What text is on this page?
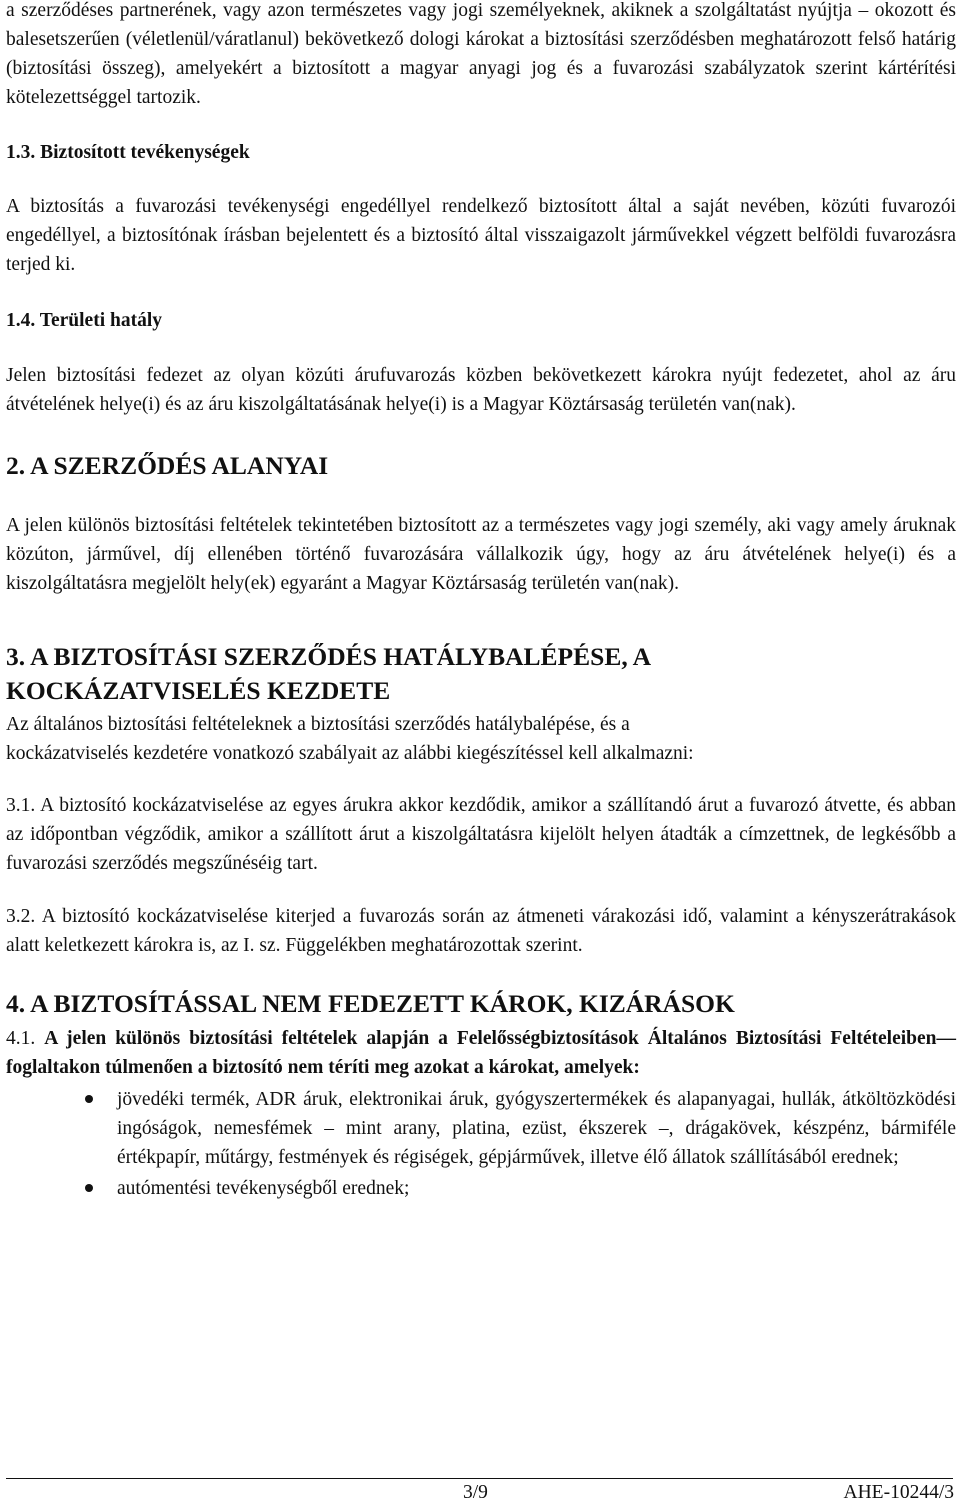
a szerződéses partnerének, vagy azon természetes vagy jogi személyeknek, akiknek a szolgáltatást nyújtja – okozott és balesetszerűen (véletlenül/váratlanul) bekövetkező dologi károkat a biztosítási szerződésben meghatározott felső határig (biztosítási összeg), amelyekért a biztosított a magyar anyagi jog és a fuvarozási szabályzatok szerint kártérítési kötelezettséggel tartozik.

1.3. Biztosított tevékenységek

A biztosítás a fuvarozási tevékenységi engedéllyel rendelkező biztosított által a saját nevében, közúti fuvarozói engedéllyel, a biztosítónak írásban bejelentett és a biztosító által visszaigazolt járművekkel végzett belföldi fuvarozásra terjed ki.

1.4. Területi hatály

Jelen biztosítási fedezet az olyan közúti árufuvarozás közben bekövetkezett károkra nyújt fedezetet, ahol az áru átvételének helye(i) és az áru kiszolgáltatásának helye(i) is a Magyar Köztársaság területén van(nak).

2. A SZERZŐDÉS ALANYAI

A jelen különös biztosítási feltételek tekintetében biztosított az a természetes vagy jogi személy, aki vagy amely áruknak közúton, járművel, díj ellenében történő fuvarozására vállalkozik úgy, hogy az áru átvételének helye(i) és a kiszolgáltatásra megjelölt hely(ek) egyaránt a Magyar Köztársaság területén van(nak).

3. A BIZTOSÍTÁSI SZERZŐDÉS HATÁLYBALÉPÉSE, A

KOCKÁZATVISELÉS KEZDETE

Az általános biztosítási feltételeknek a biztosítási szerződés hatálybalépése, és a

kockázatviselés kezdetére vonatkozó szabályait az alábbi kiegészítéssel kell alkalmazni:

3.1. A biztosító kockázatviselése az egyes árukra akkor kezdődik, amikor a szállítandó árut a fuvarozó átvette, és abban az időpontban végződik, amikor a szállított árut a kiszolgáltatásra kijelölt helyen átadták a címzettnek, de legkésőbb a fuvarozási szerződés megszűnéséig tart.

3.2. A biztosító kockázatviselése kiterjed a fuvarozás során az átmeneti várakozási idő, valamint a kényszerátrakások alatt keletkezett károkra is, az I. sz. Függelékben meghatározottak szerint.

4. A BIZTOSÍTÁSSAL NEM FEDEZETT KÁROK, KIZÁRÁSOK

4.1. A jelen különös biztosítási feltételek alapján a Felelősségbiztosítások Általános Biztosítási Feltételeiben— foglaltakon túlmenően a biztosító nem téríti meg azokat a károkat, amelyek:

jövedéki termék, ADR áruk, elektronikai áruk, gyógyszertermékek és alapanyagai, hullák, átköltözködési ingóságok, nemesfémek – mint arany, platina, ezüst, ékszerek –, drágakövek, készpénz, bármiféle értékpapír, műtárgy, festmények és régiségek, gépjárművek, illetve élő állatok szállításából erednek;
autómentési tevékenységből erednek;
3/9	AHE-10244/3
